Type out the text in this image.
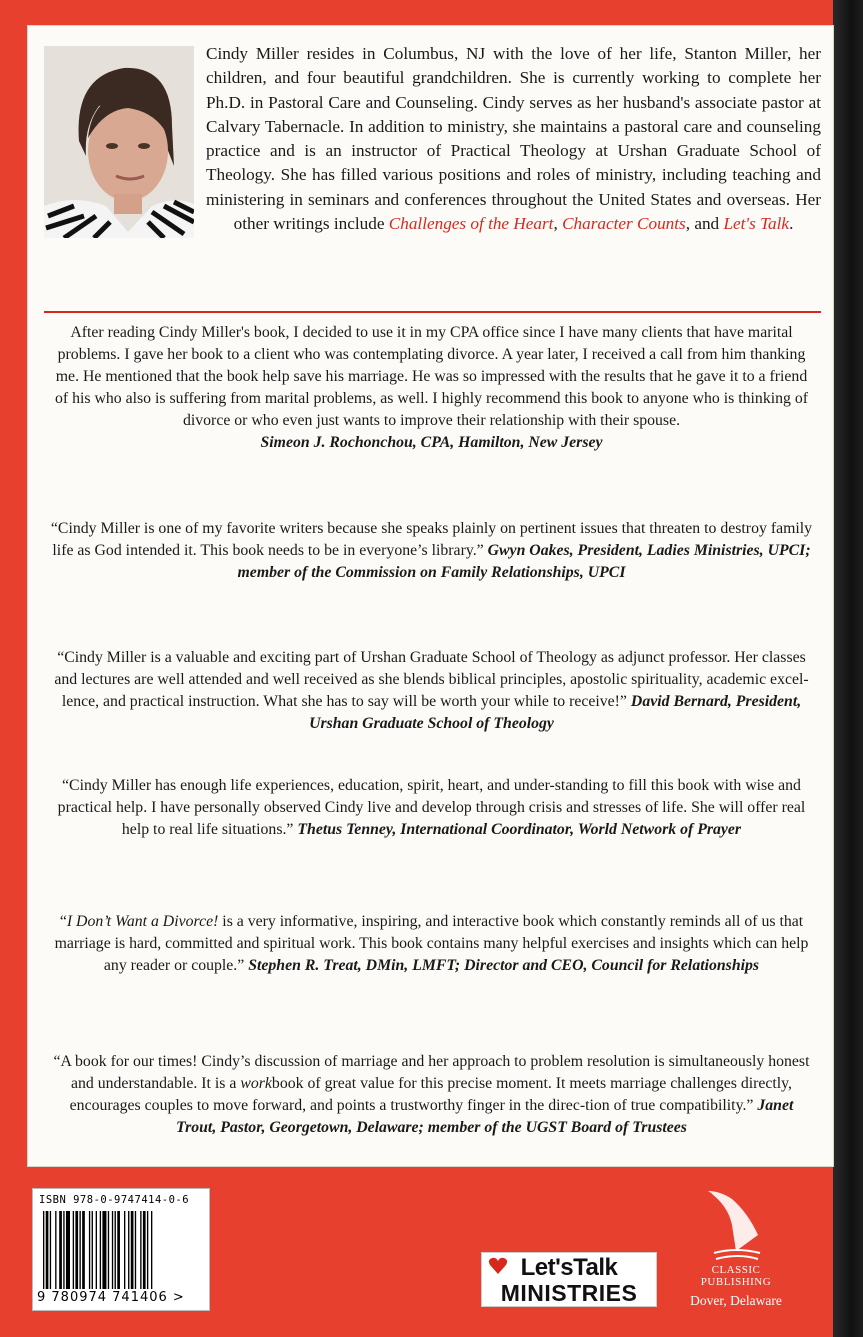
Cindy Miller resides in Columbus, NJ with the love of her life, Stanton Miller, her children, and four beautiful grandchildren. She is currently working to complete her Ph.D. in Pastoral Care and Counseling. Cindy serves as her husband's associate pastor at Calvary Tabernacle. In addition to ministry, she maintains a pastoral care and counseling practice and is an instructor of Practical Theology at Urshan Graduate School of Theology. She has filled various positions and roles of ministry, including teaching and ministering in seminars and conferences throughout the United States and overseas. Her other writings include Challenges of the Heart, Character Counts, and Let's Talk.

After reading Cindy Miller's book, I decided to use it in my CPA office since I have many clients that have marital problems. I gave her book to a client who was contemplating divorce. A year later, I received a call from him thanking me. He mentioned that the book help save his marriage. He was so impressed with the results that he gave it to a friend of his who also is suffering from marital problems, as well. I highly recommend this book to anyone who is thinking of divorce or who even just wants to improve their relationship with their spouse.
Simeon J. Rochonchou, CPA, Hamilton, New Jersey

“Cindy Miller is one of my favorite writers because she speaks plainly on pertinent issues that threaten to destroy family life as God intended it. This book needs to be in everyone’s library.” Gwyn Oakes, President, Ladies Ministries, UPCI; member of the Commission on Family Relationships, UPCI

“Cindy Miller is a valuable and exciting part of Urshan Graduate School of Theology as adjunct professor. Her classes and lectures are well attended and well received as she blends biblical principles, apostolic spirituality, academic excel-lence, and practical instruction. What she has to say will be worth your while to receive!” David Bernard, President, Urshan Graduate School of Theology

“Cindy Miller has enough life experiences, education, spirit, heart, and under-standing to fill this book with wise and practical help. I have personally observed Cindy live and develop through crisis and stresses of life. She will offer real help to real life situations.” Thetus Tenney, International Coordinator, World Network of Prayer

“I Don’t Want a Divorce! is a very informative, inspiring, and interactive book which constantly reminds all of us that marriage is hard, committed and spiritual work. This book contains many helpful exercises and insights which can help any reader or couple.” Stephen R. Treat, DMin, LMFT; Director and CEO, Council for Relationships

“A book for our times! Cindy’s discussion of marriage and her approach to problem resolution is simultaneously honest and understandable. It is a workbook of great value for this precise moment. It meets marriage challenges directly, encourages couples to move forward, and points a trustworthy finger in the direc-tion of true compatibility.” Janet Trout, Pastor, Georgetown, Delaware; member of the UGST Board of Trustees

ISBN 978-0-9747414-0-6
9 780974 741406 >
Let'sTalk
MINISTRIES
CLASSIC
PUBLISHING
Dover, Delaware
